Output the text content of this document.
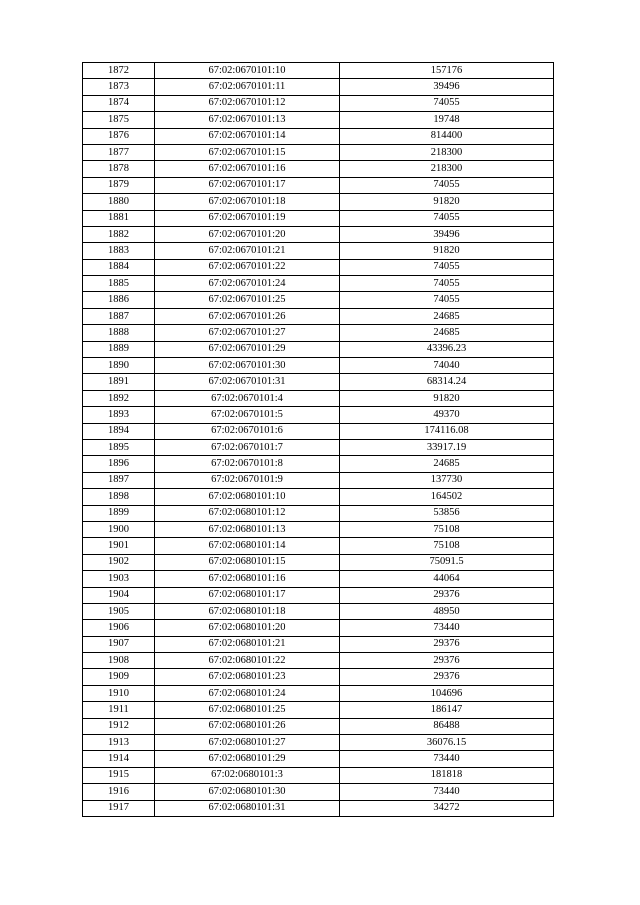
1872	67:02:0670101:10	157176
1873	67:02:0670101:11	39496
1874	67:02:0670101:12	74055
1875	67:02:0670101:13	19748
1876	67:02:0670101:14	814400
1877	67:02:0670101:15	218300
1878	67:02:0670101:16	218300
1879	67:02:0670101:17	74055
1880	67:02:0670101:18	91820
1881	67:02:0670101:19	74055
1882	67:02:0670101:20	39496
1883	67:02:0670101:21	91820
1884	67:02:0670101:22	74055
1885	67:02:0670101:24	74055
1886	67:02:0670101:25	74055
1887	67:02:0670101:26	24685
1888	67:02:0670101:27	24685
1889	67:02:0670101:29	43396.23
1890	67:02:0670101:30	74040
1891	67:02:0670101:31	68314.24
1892	67:02:0670101:4	91820
1893	67:02:0670101:5	49370
1894	67:02:0670101:6	174116.08
1895	67:02:0670101:7	33917.19
1896	67:02:0670101:8	24685
1897	67:02:0670101:9	137730
1898	67:02:0680101:10	164502
1899	67:02:0680101:12	53856
1900	67:02:0680101:13	75108
1901	67:02:0680101:14	75108
1902	67:02:0680101:15	75091.5
1903	67:02:0680101:16	44064
1904	67:02:0680101:17	29376
1905	67:02:0680101:18	48950
1906	67:02:0680101:20	73440
1907	67:02:0680101:21	29376
1908	67:02:0680101:22	29376
1909	67:02:0680101:23	29376
1910	67:02:0680101:24	104696
1911	67:02:0680101:25	186147
1912	67:02:0680101:26	86488
1913	67:02:0680101:27	36076.15
1914	67:02:0680101:29	73440
1915	67:02:0680101:3	181818
1916	67:02:0680101:30	73440
1917	67:02:0680101:31	34272
